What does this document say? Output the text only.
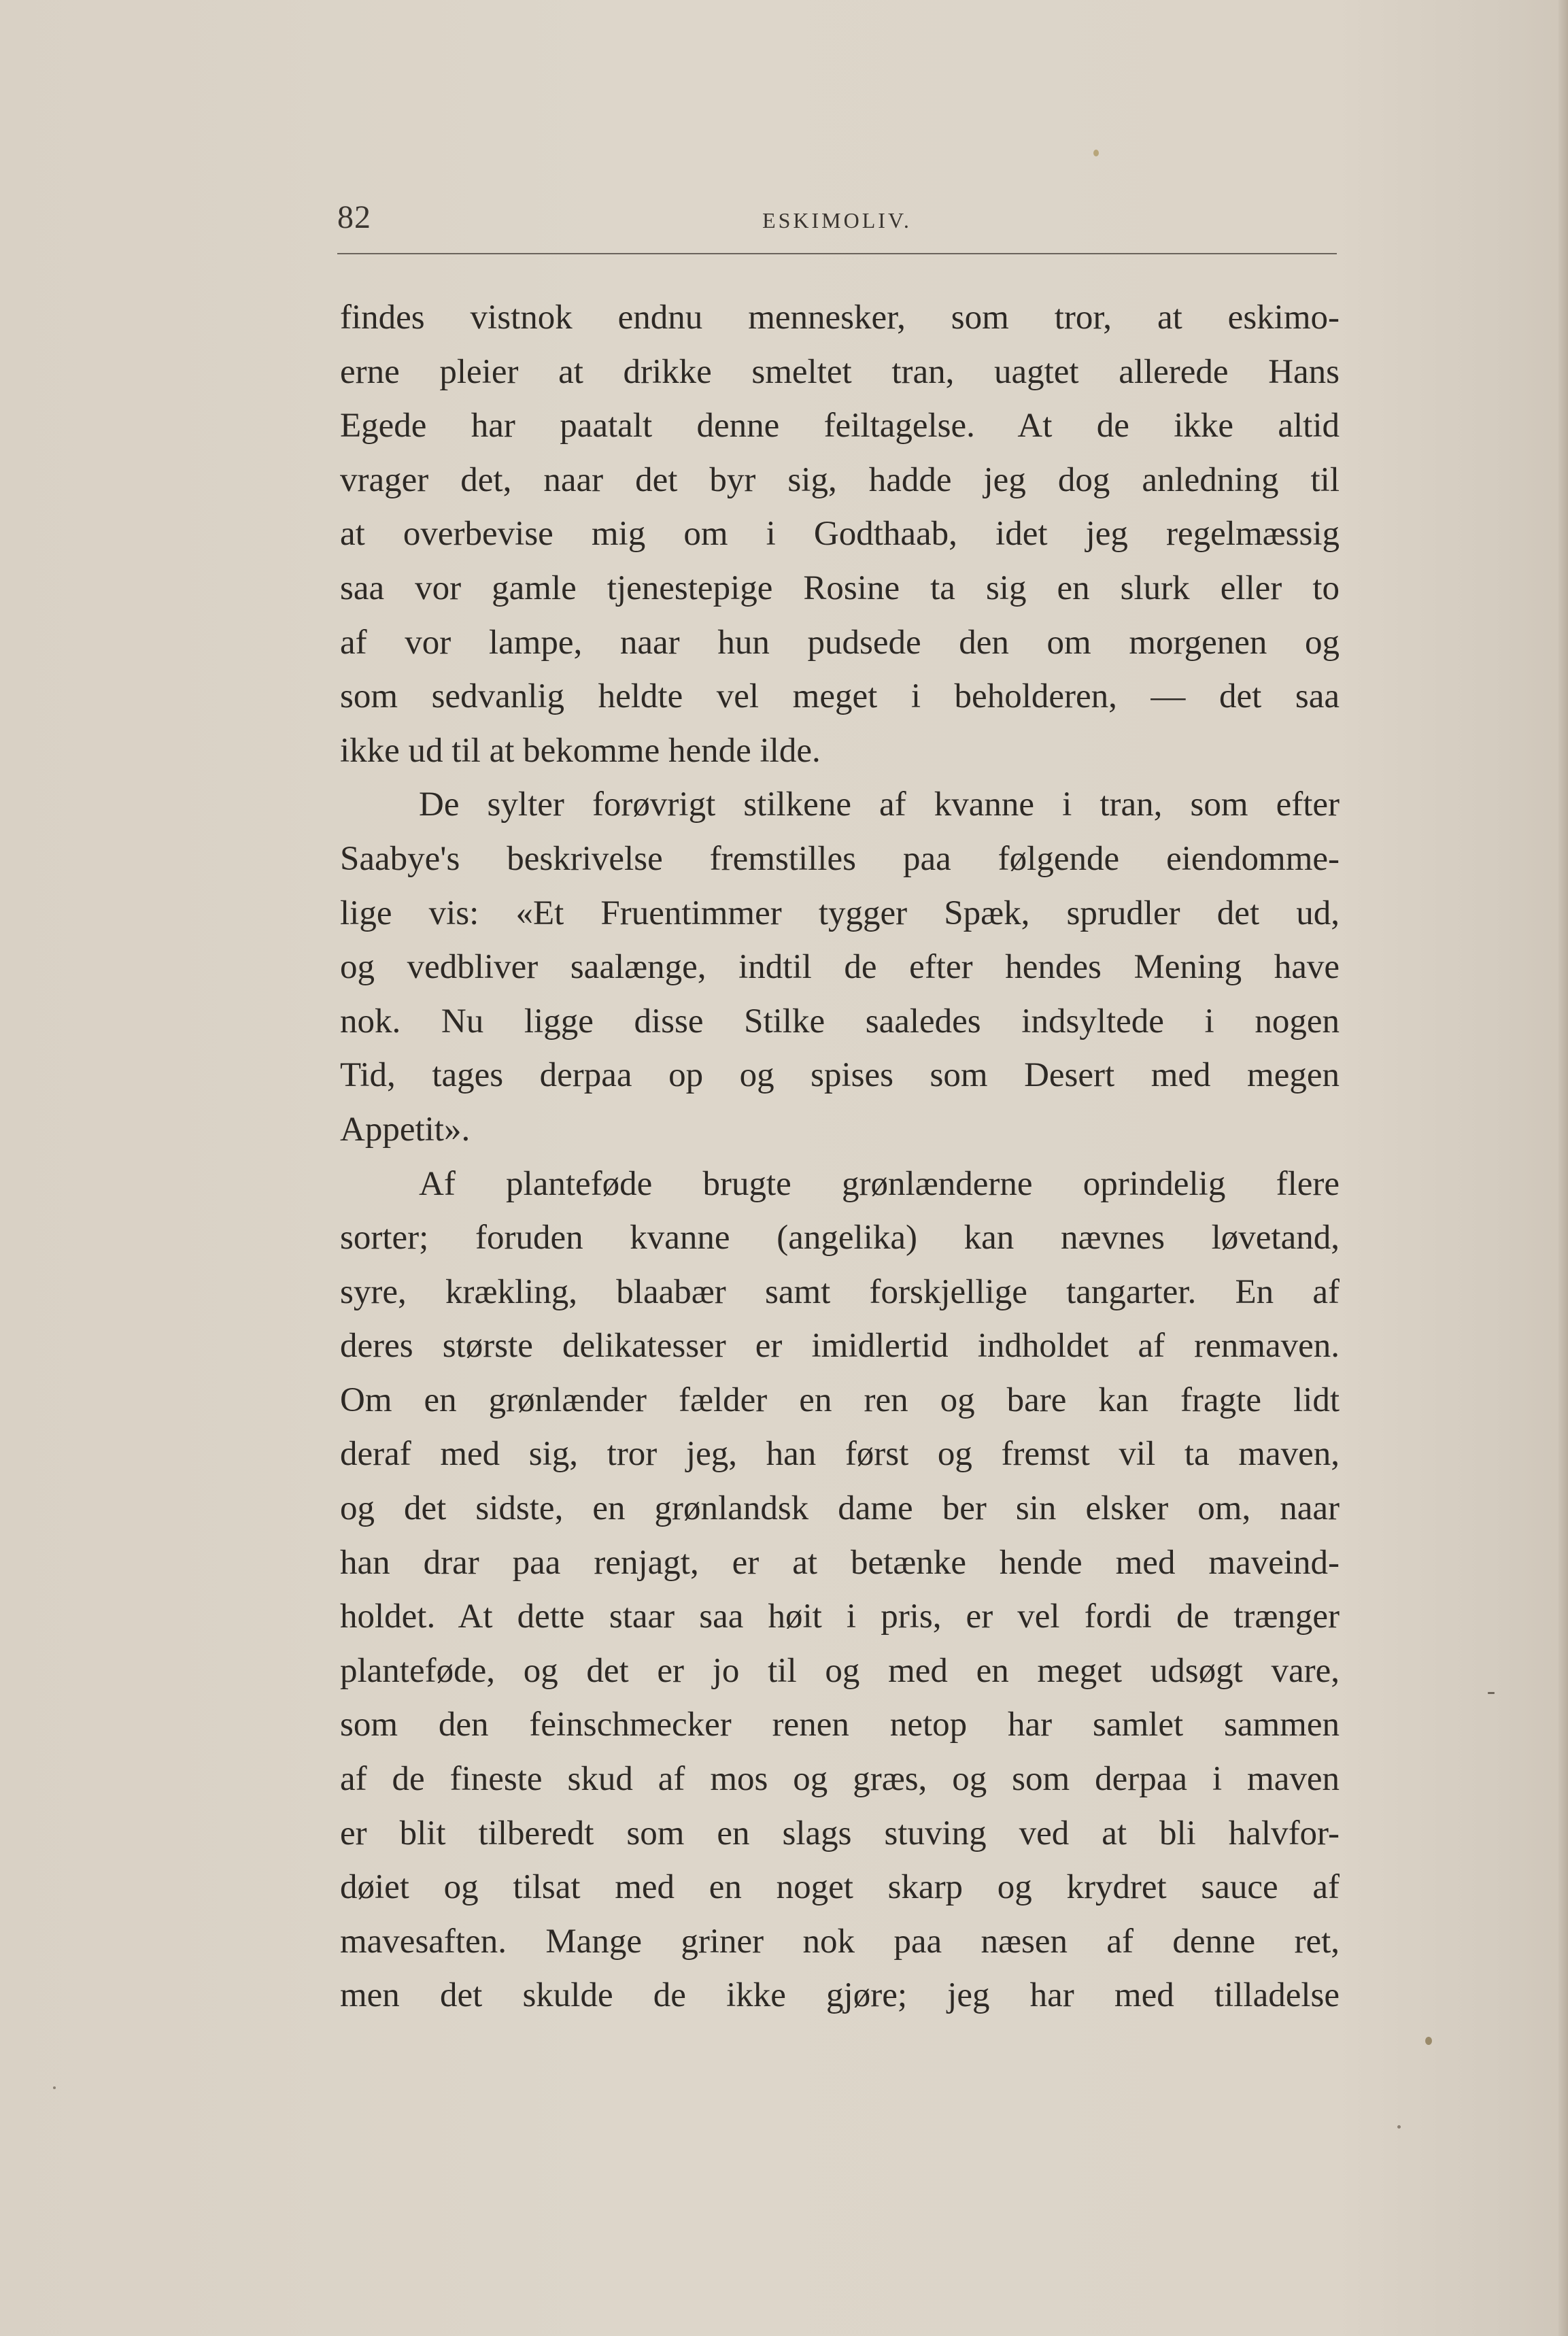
82	ESKIMOLIV.
findes vistnok endnu mennesker, som tror, at eskimo-
erne pleier at drikke smeltet tran, uagtet allerede Hans
Egede har paatalt denne feiltagelse. At de ikke altid
vrager det, naar det byr sig, hadde jeg dog anledning til
at overbevise mig om i Godthaab, idet jeg regelmæssig
saa vor gamle tjenestepige Rosine ta sig en slurk eller to
af vor lampe, naar hun pudsede den om morgenen og
som sedvanlig heldte vel meget i beholderen, — det saa
ikke ud til at bekomme hende ilde.
De sylter forøvrigt stilkene af kvanne i tran, som efter
Saabye's beskrivelse fremstilles paa følgende eiendomme-
lige vis: «Et Fruentimmer tygger Spæk, sprudler det ud,
og vedbliver saalænge, indtil de efter hendes Mening have
nok. Nu ligge disse Stilke saaledes indsyltede i nogen
Tid, tages derpaa op og spises som Desert med megen
Appetit».
Af planteføde brugte grønlænderne oprindelig flere
sorter; foruden kvanne (angelika) kan nævnes løvetand,
syre, krækling, blaabær samt forskjellige tangarter. En af
deres største delikatesser er imidlertid indholdet af renmaven.
Om en grønlænder fælder en ren og bare kan fragte lidt
deraf med sig, tror jeg, han først og fremst vil ta maven,
og det sidste, en grønlandsk dame ber sin elsker om, naar
han drar paa renjagt, er at betænke hende med maveind-
holdet. At dette staar saa høit i pris, er vel fordi de trænger
planteføde, og det er jo til og med en meget udsøgt vare,
som den feinschmecker renen netop har samlet sammen
af de fineste skud af mos og græs, og som derpaa i maven
er blit tilberedt som en slags stuving ved at bli halvfor-
døiet og tilsat med en noget skarp og krydret sauce af
mavesaften. Mange griner nok paa næsen af denne ret,
men det skulde de ikke gjøre; jeg har med tilladelse
